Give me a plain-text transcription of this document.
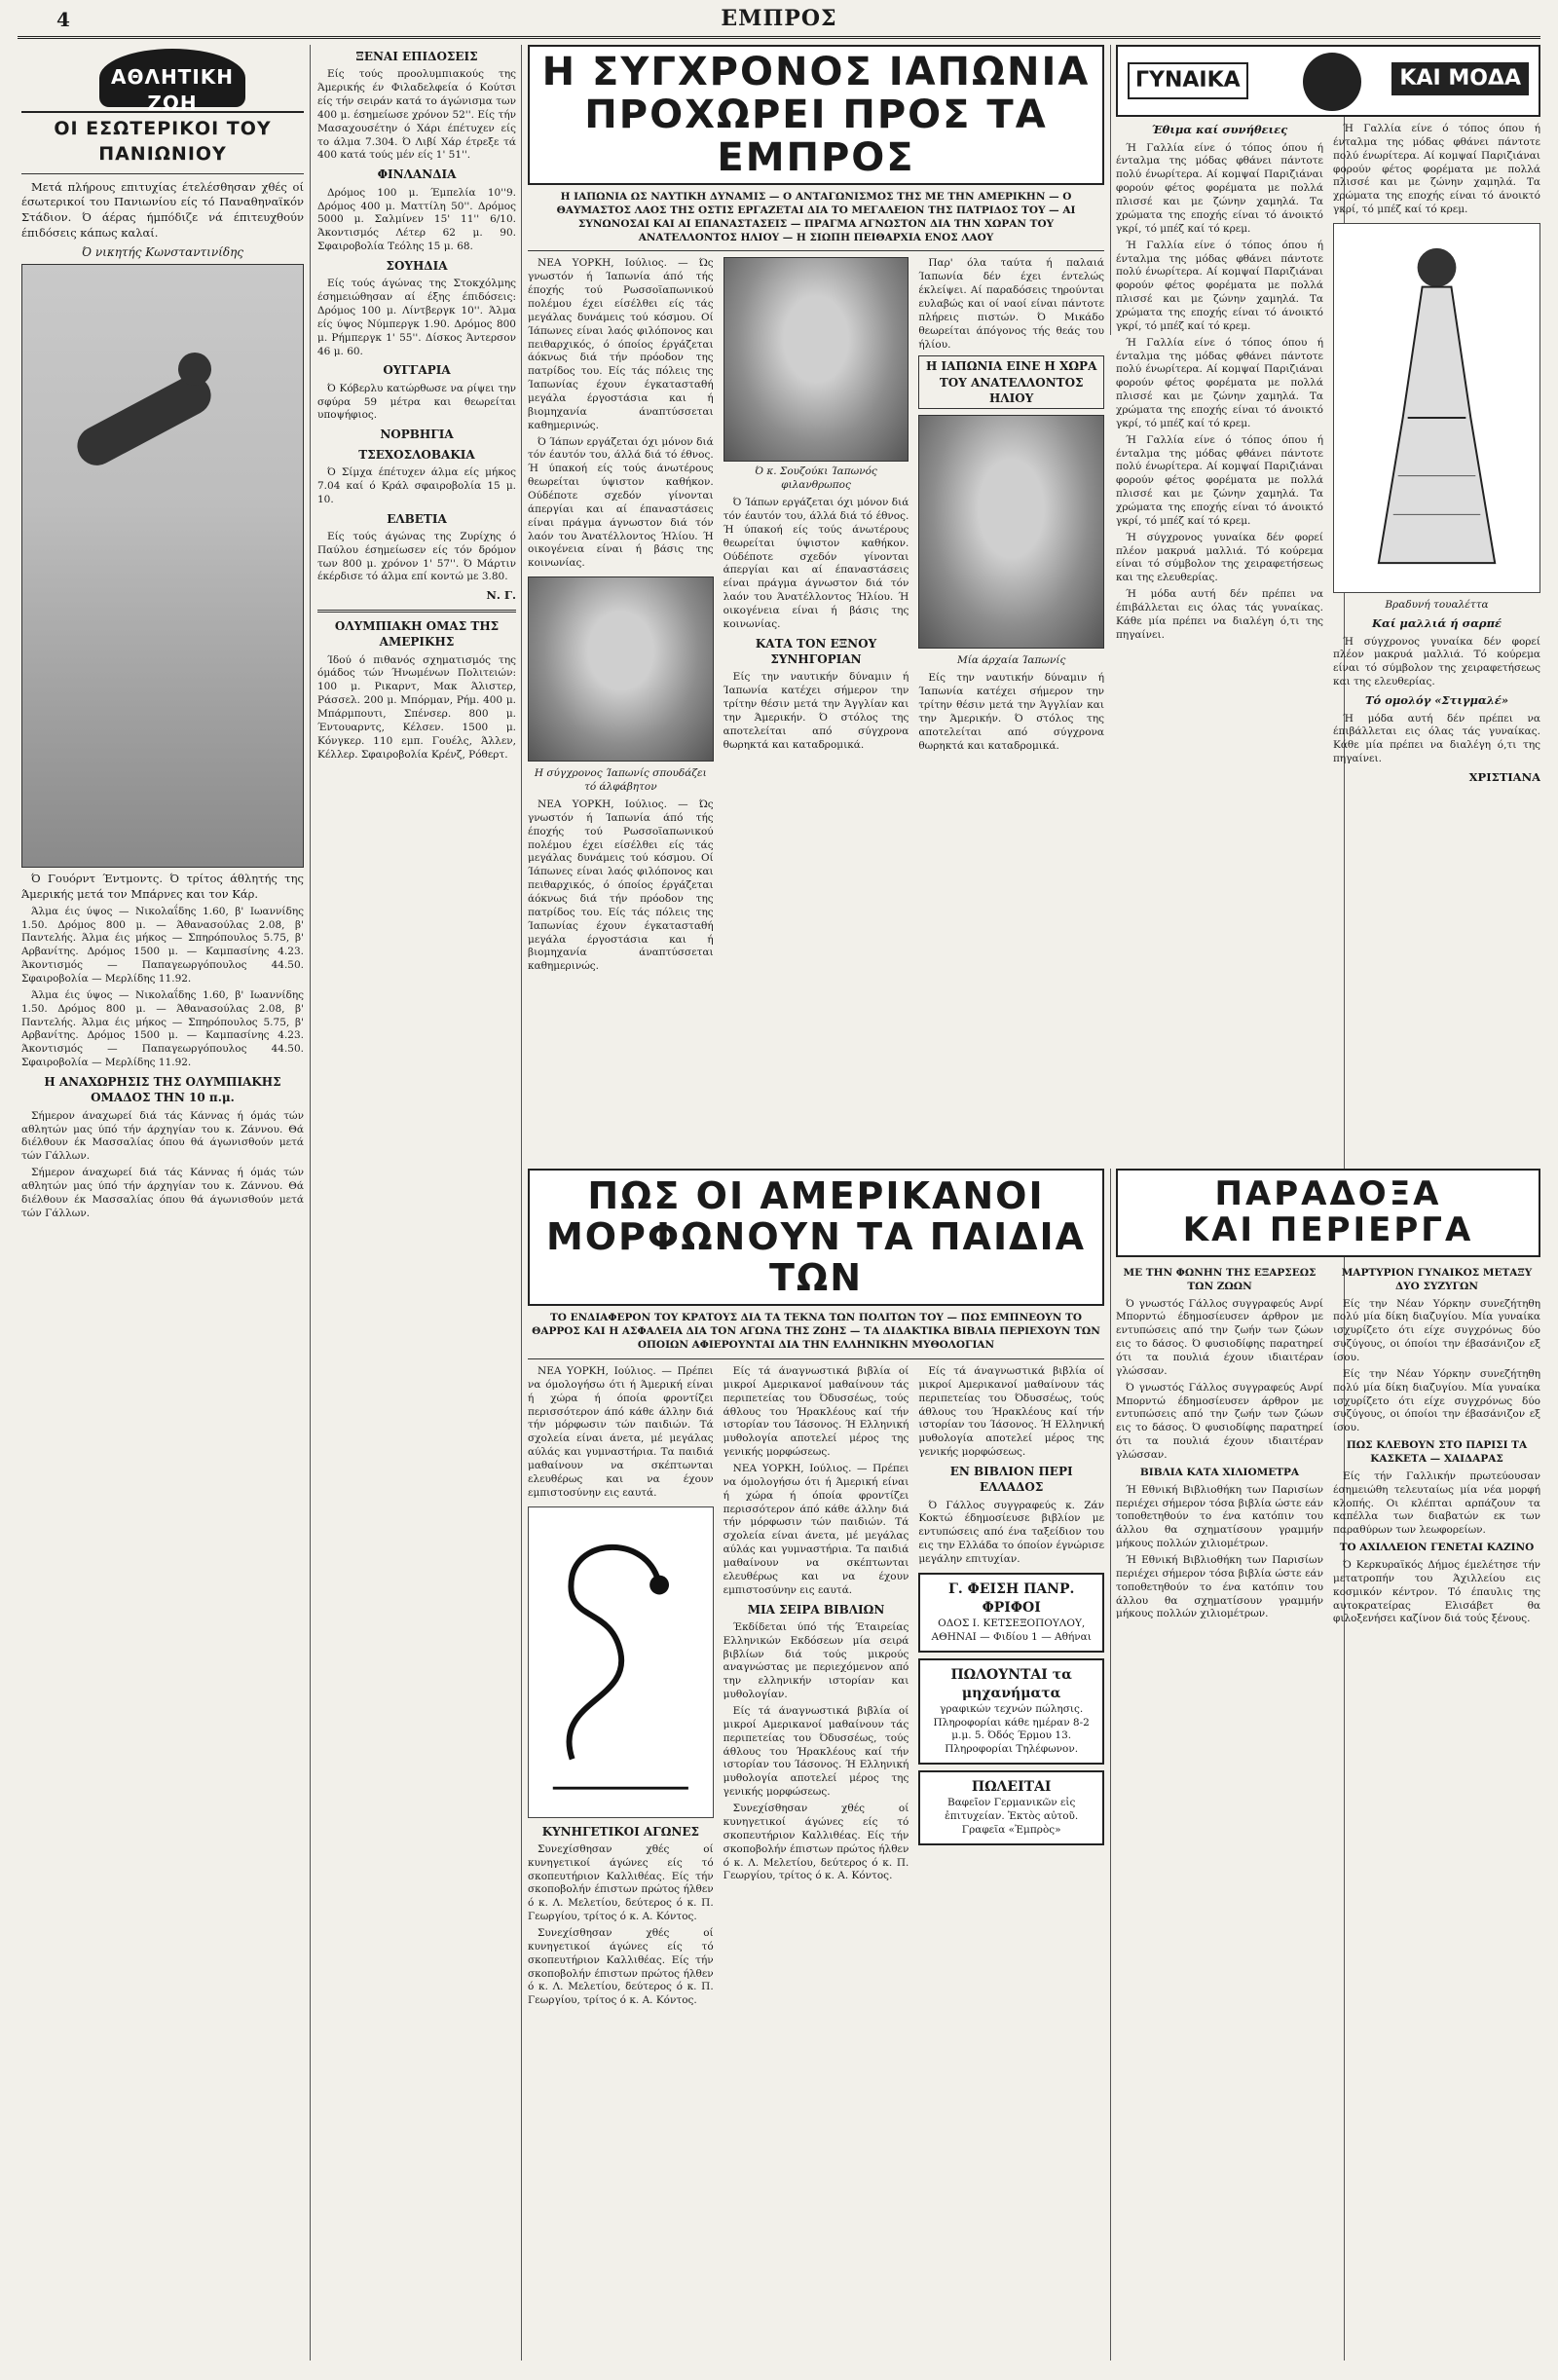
4	ΕΜΠΡΟΣ
ΑΘΛΗΤΙΚΗ ΖΩΗ
ΟΙ ΕΣΩΤΕΡΙΚΟΙ ΤΟΥ ΠΑΝΙΩΝΙΟΥ

Μετά πλήρους επιτυχίας έτελέσθησαν χθές οί έσωτερικοί του Πανιωνίου είς τό Παναθηναϊκόν Στάδιον. Ό άέρας ήμπόδιζε νά έπιτευχθούν έπιδόσεις κάπως καλαί.

Ό νικητής Κωνσταντινίδης

Ό Γουόρντ Έντμοντς. Ό τρίτος άθλητής της Άμερικής μετά τον Μπάρνες και τον Κάρ.

Άλμα έις ύψος — Νικολαΐδης 1.60, β' Ιωαννίδης 1.50. Δρόμος 800 μ. — Άθανασούλας 2.08, β' Παντελής. Άλμα έις μήκος — Σπηρόπουλος 5.75, β' Αρβανίτης. Δρόμος 1500 μ. — Καμπασίνης 4.23. Άκοντισμός — Παπαγεωργόπουλος 44.50. Σφαιροβολία — Μερλίδης 11.92.

Άλμα έις ύψος — Νικολαΐδης 1.60, β' Ιωαννίδης 1.50. Δρόμος 800 μ. — Άθανασούλας 2.08, β' Παντελής. Άλμα έις μήκος — Σπηρόπουλος 5.75, β' Αρβανίτης. Δρόμος 1500 μ. — Καμπασίνης 4.23. Άκοντισμός — Παπαγεωργόπουλος 44.50. Σφαιροβολία — Μερλίδης 11.92.

Η ΑΝΑΧΩΡΗΣΙΣ ΤΗΣ ΟΛΥΜΠΙΑΚΗΣ ΟΜΑΔΟΣ ΤΗΝ 10 π.μ.

Σήμερον άναχωρεί διά τάς Κάννας ή όμάς τών αθλητών μας ύπό τήν άρχηγίαν του κ. Ζάννου. Θά διέλθουν έκ Μασσαλίας όπου θά άγωνισθούν μετά τών Γάλλων.

Σήμερον άναχωρεί διά τάς Κάννας ή όμάς τών αθλητών μας ύπό τήν άρχηγίαν του κ. Ζάννου. Θά διέλθουν έκ Μασσαλίας όπου θά άγωνισθούν μετά τών Γάλλων.

ΞΕΝΑΙ ΕΠΙΔΟΣΕΙΣ

Είς τούς προολυμπιακούς της Άμερικής έν Φιλαδελφεία ό Κούτσι είς τήν σειράν κατά το άγώνισμα των 400 μ. έσημείωσε χρόνον 52''. Είς τήν Μασαχουσέτην ό Χάρι έπέτυχεν είς το άλμα 7.304. Ό Λιβί Χάρ έτρεξε τά 400 κατά τούς μέν είς 1' 51''.

ΦΙΝΛΑΝΔΙΑ

Δρόμος 100 μ. Έμπελία 10''9. Δρόμος 400 μ. Ματτίλη 50''. Δρόμος 5000 μ. Σαλμίνεν 15' 11'' 6/10. Άκοντισμός Λέτερ 62 μ. 90. Σφαιροβολία Τεόλης 15 μ. 68.

ΣΟΥΗΔΙΑ

Είς τούς άγώνας της Στοκχόλμης έσημειώθησαν αί έξης έπιδόσεις: Δρόμος 100 μ. Λίντβεργκ 10''. Άλμα είς ύψος Νύμπεργκ 1.90. Δρόμος 800 μ. Ρήμπεργκ 1' 55''. Δίσκος Άντερσον 46 μ. 60.

ΟΥΓΓΑΡΙΑ

Ό Κόβερλυ κατώρθωσε να ρίψει την σφύρα 59 μέτρα και θεωρείται υποψήφιος.

ΝΟΡΒΗΓΙΑ
ΤΣΕΧΟΣΛΟΒΑΚΙΑ

Ό Σίμχα έπέτυχεν άλμα είς μήκος 7.04 καί ό Κράλ σφαιροβολία 15 μ. 10.

ΕΛΒΕΤΙΑ

Είς τούς άγώνας της Ζυρίχης ό Παύλου έσημείωσεν είς τόν δρόμον των 800 μ. χρόνον 1' 57''. Ό Μάρτιν έκέρδισε τό άλμα επί κοντώ με 3.80.

Ν. Γ.
ΟΛΥΜΠΙΑΚΗ ΟΜΑΣ ΤΗΣ ΑΜΕΡΙΚΗΣ

Ίδού ό πιθανός σχηματισμός της όμάδος τών Ήνωμένων Πολιτειών: 100 μ. Ρικαρντ, Μακ Άλιστερ, Ράσσελ. 200 μ. Μπόρμαν, Ρήμ. 400 μ. Μπάρμπουτι, Σπένσερ. 800 μ. Έντουαρντς, Κέλσεν. 1500 μ. Κόνγκερ. 110 εμπ. Γουέλς, Άλλεν, Κέλλερ. Σφαιροβολία Κρένζ, Ρόθερτ.

Η ΣΥΓΧΡΟΝΟΣ ΙΑΠΩΝΙΑ
ΠΡΟΧΩΡΕΙ ΠΡΟΣ ΤΑ ΕΜΠΡΟΣ
Η ΙΑΠΩΝΙΑ ΩΣ ΝΑΥΤΙΚΗ ΔΥΝΑΜΙΣ — Ο ΑΝΤΑΓΩΝΙΣΜΟΣ ΤΗΣ ΜΕ ΤΗΝ ΑΜΕΡΙΚΗΝ — Ο ΘΑΥΜΑΣΤΟΣ ΛΑΟΣ ΤΗΣ ΟΣΤΙΣ ΕΡΓΑΖΕΤΑΙ ΔΙΑ ΤΟ ΜΕΓΑΛΕΙΟΝ ΤΗΣ ΠΑΤΡΙΔΟΣ ΤΟΥ — ΑΙ ΣΥΝΩΝΟΣΑΙ ΚΑΙ ΑΙ ΕΠΑΝΑΣΤΑΣΕΙΣ — ΠΡΑΓΜΑ ΑΓΝΩΣΤΟΝ ΔΙΑ ΤΗΝ ΧΩΡΑΝ ΤΟΥ ΑΝΑΤΕΛΛΟΝΤΟΣ ΗΛΙΟΥ — Η ΣΙΩΠΗ ΠΕΙΘΑΡΧΙΑ ΕΝΟΣ ΛΑΟΥ

ΝΕΑ ΥΟΡΚΗ, Ιούλιος. — Ώς γνωστόν ή Ίαπωνία άπό τής έποχής τού Ρωσσοϊαπωνικού πολέμου έχει είσέλθει είς τάς μεγάλας δυνάμεις τού κόσμου. Οί Ίάπωνες είναι λαός φιλόπονος και πειθαρχικός, ό όποίος έργάζεται άόκνως διά τήν πρόοδον της πατρίδος του. Είς τάς πόλεις της Ίαπωνίας έχουν έγκατασταθή μεγάλα έργοστάσια και ή βιομηχανία άναπτύσσεται καθημερινώς.

Ό Ίάπων εργάζεται όχι μόνον διά τόν έαυτόν του, άλλά διά τό έθνος. Ή ύπακοή είς τούς άνωτέρους θεωρείται ύψιστον καθήκον. Ούδέποτε σχεδόν γίνονται άπεργίαι και αί έπαναστάσεις είναι πράγμα άγνωστον διά τόν λαόν του Άνατέλλοντος Ήλίου. Ή οικογένεια είναι ή βάσις της κοινωνίας.

Η σύγχρονος Ίαπωνίς σπουδάζει τό άλφάβητον

ΝΕΑ ΥΟΡΚΗ, Ιούλιος. — Ώς γνωστόν ή Ίαπωνία άπό τής έποχής τού Ρωσσοϊαπωνικού πολέμου έχει είσέλθει είς τάς μεγάλας δυνάμεις τού κόσμου. Οί Ίάπωνες είναι λαός φιλόπονος και πειθαρχικός, ό όποίος έργάζεται άόκνως διά τήν πρόοδον της πατρίδος του. Είς τάς πόλεις της Ίαπωνίας έχουν έγκατασταθή μεγάλα έργοστάσια και ή βιομηχανία άναπτύσσεται καθημερινώς.

Ό κ. Σουζούκι Ίαπωνός φιλανθρωπος

Ό Ίάπων εργάζεται όχι μόνον διά τόν έαυτόν του, άλλά διά τό έθνος. Ή ύπακοή είς τούς άνωτέρους θεωρείται ύψιστον καθήκον. Ούδέποτε σχεδόν γίνονται άπεργίαι και αί έπαναστάσεις είναι πράγμα άγνωστον διά τόν λαόν του Άνατέλλοντος Ήλίου. Ή οικογένεια είναι ή βάσις της κοινωνίας.

ΚΑΤΑ ΤΟΝ ΕΞΝΟΥ ΣΥΝΗΓΟΡΙΑΝ

Είς την ναυτικήν δύναμιν ή Ίαπωνία κατέχει σήμερον την τρίτην θέσιν μετά την Άγγλίαν και την Άμερικήν. Ό στόλος της αποτελείται από σύγχρονα θωρηκτά και καταδρομικά.

Παρ' όλα ταύτα ή παλαιά Ίαπωνία δέν έχει έντελώς έκλείψει. Αί παραδόσεις τηρούνται ευλαβώς και οί ναοί είναι πάντοτε πλήρεις πιστών. Ό Μικάδο θεωρείται άπόγονος τής θεάς του ήλίου.

Η ΙΑΠΩΝΙΑ ΕΙΝΕ Η ΧΩΡΑ ΤΟΥ ΑΝΑΤΕΛΛΟΝΤΟΣ ΗΛΙΟΥ
Μία άρχαία Ίαπωνίς

Είς την ναυτικήν δύναμιν ή Ίαπωνία κατέχει σήμερον την τρίτην θέσιν μετά την Άγγλίαν και την Άμερικήν. Ό στόλος της αποτελείται από σύγχρονα θωρηκτά και καταδρομικά.

ΠΩΣ ΟΙ ΑΜΕΡΙΚΑΝΟΙ
ΜΟΡΦΩΝΟΥΝ ΤΑ ΠΑΙΔΙΑ ΤΩΝ
ΤΟ ΕΝΔΙΑΦΕΡΟΝ ΤΟΥ ΚΡΑΤΟΥΣ ΔΙΑ ΤΑ ΤΕΚΝΑ ΤΩΝ ΠΟΛΙΤΩΝ ΤΟΥ — ΠΩΣ ΕΜΠΝΕΟΥΝ ΤΟ ΘΑΡΡΟΣ ΚΑΙ Η ΑΣΦΑΛΕΙΑ ΔΙΑ ΤΟΝ ΑΓΩΝΑ ΤΗΣ ΖΩΗΣ — ΤΑ ΔΙΔΑΚΤΙΚΑ ΒΙΒΛΙΑ ΠΕΡΙΕΧΟΥΝ ΤΩΝ ΟΠΟΙΩΝ ΑΦΙΕΡΟΥΝΤΑΙ ΔΙΑ ΤΗΝ ΕΛΛΗΝΙΚΗΝ ΜΥΘΟΛΟΓΙΑΝ

ΝΕΑ ΥΟΡΚΗ, Ιούλιος. — Πρέπει να όμολογήσω ότι ή Άμερική είναι ή χώρα ή όποία φροντίζει περισσότερον άπό κάθε άλλην διά τήν μόρφωσιν τών παιδιών. Τά σχολεία είναι άνετα, μέ μεγάλας αύλάς και γυμναστήρια. Τα παιδιά μαθαίνουν να σκέπτωνται ελευθέρως και να έχουν εμπιστοσύνην εις εαυτά.

ΚΥΝΗΓΕΤΙΚΟΙ ΑΓΩΝΕΣ

Συνεχίσθησαν χθές οί κυνηγετικοί άγώνες είς τό σκοπευτήριον Καλλιθέας. Είς τήν σκοποβολήν έπιστων πρώτος ήλθεν ό κ. Λ. Μελετίου, δεύτερος ό κ. Π. Γεωργίου, τρίτος ό κ. Α. Κόντος.

Συνεχίσθησαν χθές οί κυνηγετικοί άγώνες είς τό σκοπευτήριον Καλλιθέας. Είς τήν σκοποβολήν έπιστων πρώτος ήλθεν ό κ. Λ. Μελετίου, δεύτερος ό κ. Π. Γεωργίου, τρίτος ό κ. Α. Κόντος.

Είς τά άναγνωστικά βιβλία οί μικροί Αμερικανοί μαθαίνουν τάς περιπετείας του Όδυσσέως, τούς άθλους του Ήρακλέους καί τήν ιστορίαν του Ίάσονος. Ή Ελληνική μυθολογία αποτελεί μέρος της γενικής μορφώσεως.

ΝΕΑ ΥΟΡΚΗ, Ιούλιος. — Πρέπει να όμολογήσω ότι ή Άμερική είναι ή χώρα ή όποία φροντίζει περισσότερον άπό κάθε άλλην διά τήν μόρφωσιν τών παιδιών. Τά σχολεία είναι άνετα, μέ μεγάλας αύλάς και γυμναστήρια. Τα παιδιά μαθαίνουν να σκέπτωνται ελευθέρως και να έχουν εμπιστοσύνην εις εαυτά.

ΜΙΑ ΣΕΙΡΑ ΒΙΒΛΙΩΝ

Έκδίδεται ύπό τής Έταιρείας Ελληνικών Εκδόσεων μία σειρά βιβλίων διά τούς μικρούς αναγνώστας με περιεχόμενον από την ελληνικήν ιστορίαν και μυθολογίαν.

Είς τά άναγνωστικά βιβλία οί μικροί Αμερικανοί μαθαίνουν τάς περιπετείας του Όδυσσέως, τούς άθλους του Ήρακλέους καί τήν ιστορίαν του Ίάσονος. Ή Ελληνική μυθολογία αποτελεί μέρος της γενικής μορφώσεως.

Συνεχίσθησαν χθές οί κυνηγετικοί άγώνες είς τό σκοπευτήριον Καλλιθέας. Είς τήν σκοποβολήν έπιστων πρώτος ήλθεν ό κ. Λ. Μελετίου, δεύτερος ό κ. Π. Γεωργίου, τρίτος ό κ. Α. Κόντος.

Είς τά άναγνωστικά βιβλία οί μικροί Αμερικανοί μαθαίνουν τάς περιπετείας του Όδυσσέως, τούς άθλους του Ήρακλέους καί τήν ιστορίαν του Ίάσονος. Ή Ελληνική μυθολογία αποτελεί μέρος της γενικής μορφώσεως.

ΕΝ ΒΙΒΛΙΟΝ ΠΕΡΙ ΕΛΛΑΔΟΣ

Ό Γάλλος συγγραφεύς κ. Ζάν Κοκτώ έδημοσίευσε βιβλίον με εντυπώσεις από ένα ταξείδιον του εις την Ελλάδα το όποίον έγνώρισε μεγάλην επιτυχίαν.

Γ. ΦΕΙΣΗ ΠΑΝΡ. ΦΡΙΦΟΙ
ΟΔΟΣ Ι. ΚΕΤΣΕΞΟΠΟΥΛΟΥ, ΑΘΗΝΑΙ — Φιδίου 1 — Αθήναι
ΠΩΛΟΥΝΤΑΙ τα μηχανήματα
γραφικών τεχνών πώλησις. Πληροφορίαι κάθε ημέραν 8-2 μ.μ. 5. Όδός Έρμου 13. Πληροφορίαι Τηλέφωνον.
ΠΩΛΕΙΤΑΙ
Βαφεῖον Γερμανικῶν εἰς ἐπιτυχείαν. Ἐκτὸς αὐτοῦ. Γραφεῖα «Ἐμπρὸς»
ΓΥΝΑΙΚΑ	ΚΑΙ ΜΟΔΑ
Έθιμα καί συνήθειες

Ή Γαλλία είνε ό τόπος όπου ή ένταλμα της μόδας φθάνει πάντοτε πολύ ένωρίτερα. Αί κομψαί Παριζιάναι φορούν φέτος φορέματα με πολλά πλισσέ και με ζώνην χαμηλά. Τα χρώματα της εποχής είναι τό άνοικτό γκρί, τό μπέζ καί τό κρεμ.

Ή Γαλλία είνε ό τόπος όπου ή ένταλμα της μόδας φθάνει πάντοτε πολύ ένωρίτερα. Αί κομψαί Παριζιάναι φορούν φέτος φορέματα με πολλά πλισσέ και με ζώνην χαμηλά. Τα χρώματα της εποχής είναι τό άνοικτό γκρί, τό μπέζ καί τό κρεμ.

Ή Γαλλία είνε ό τόπος όπου ή ένταλμα της μόδας φθάνει πάντοτε πολύ ένωρίτερα. Αί κομψαί Παριζιάναι φορούν φέτος φορέματα με πολλά πλισσέ και με ζώνην χαμηλά. Τα χρώματα της εποχής είναι τό άνοικτό γκρί, τό μπέζ καί τό κρεμ.

Ή Γαλλία είνε ό τόπος όπου ή ένταλμα της μόδας φθάνει πάντοτε πολύ ένωρίτερα. Αί κομψαί Παριζιάναι φορούν φέτος φορέματα με πολλά πλισσέ και με ζώνην χαμηλά. Τα χρώματα της εποχής είναι τό άνοικτό γκρί, τό μπέζ καί τό κρεμ.

Ή σύγχρονος γυναίκα δέν φορεί πλέον μακρυά μαλλιά. Τό κούρεμα είναι τό σύμβολον της χειραφετήσεως και της ελευθερίας.

Ή μόδα αυτή δέν πρέπει να έπιβάλλεται εις όλας τάς γυναίκας. Κάθε μία πρέπει να διαλέγη ό,τι της πηγαίνει.

Ή Γαλλία είνε ό τόπος όπου ή ένταλμα της μόδας φθάνει πάντοτε πολύ ένωρίτερα. Αί κομψαί Παριζιάναι φορούν φέτος φορέματα με πολλά πλισσέ και με ζώνην χαμηλά. Τα χρώματα της εποχής είναι τό άνοικτό γκρί, τό μπέζ καί τό κρεμ.

Βραδυνή τουαλέττα
Καί μαλλιά ή σαρπέ

Ή σύγχρονος γυναίκα δέν φορεί πλέον μακρυά μαλλιά. Τό κούρεμα είναι τό σύμβολον της χειραφετήσεως και της ελευθερίας.

Τό ομολόγ «Στιγμαλέ»

Ή μόδα αυτή δέν πρέπει να έπιβάλλεται εις όλας τάς γυναίκας. Κάθε μία πρέπει να διαλέγη ό,τι της πηγαίνει.

ΧΡΙΣΤΙΑΝΑ
ΠΑΡΑΔΟΞΑ
ΚΑΙ ΠΕΡΙΕΡΓΑ
ΜΕ ΤΗΝ ΦΩΝΗΝ ΤΗΣ ΕΞΑΡΣΕΩΣ ΤΩΝ ΖΩΩΝ

Ό γνωστός Γάλλος συγγραφεύς Ανρί Μπορντώ έδημοσίευσεν άρθρον με εντυπώσεις από την ζωήν των ζώων εις το δάσος. Ό φυσιοδίφης παρατηρεί ότι τα πουλιά έχουν ιδιαιτέραν γλώσσαν.

Ό γνωστός Γάλλος συγγραφεύς Ανρί Μπορντώ έδημοσίευσεν άρθρον με εντυπώσεις από την ζωήν των ζώων εις το δάσος. Ό φυσιοδίφης παρατηρεί ότι τα πουλιά έχουν ιδιαιτέραν γλώσσαν.

ΒΙΒΛΙΑ ΚΑΤΑ ΧΙΛΙΟΜΕΤΡΑ

Ή Εθνική Βιβλιοθήκη των Παρισίων περιέχει σήμερον τόσα βιβλία ώστε εάν τοποθετηθούν το ένα κατόπιν του άλλου θα σχηματίσουν γραμμήν μήκους πολλών χιλιομέτρων.

Ή Εθνική Βιβλιοθήκη των Παρισίων περιέχει σήμερον τόσα βιβλία ώστε εάν τοποθετηθούν το ένα κατόπιν του άλλου θα σχηματίσουν γραμμήν μήκους πολλών χιλιομέτρων.

ΜΑΡΤΥΡΙΟΝ ΓΥΝΑΙΚΟΣ ΜΕΤΑΞΥ ΔΥΟ ΣΥΖΥΓΩΝ

Είς την Νέαν Υόρκην συνεζήτηθη πολύ μία δίκη διαζυγίου. Μία γυναίκα ισχυρίζετο ότι είχε συγχρόνως δύο συζύγους, οι όποίοι την έβασάνιζον εξ ίσου.

Είς την Νέαν Υόρκην συνεζήτηθη πολύ μία δίκη διαζυγίου. Μία γυναίκα ισχυρίζετο ότι είχε συγχρόνως δύο συζύγους, οι όποίοι την έβασάνιζον εξ ίσου.

ΠΩΣ ΚΛΕΒΟΥΝ ΣΤΟ ΠΑΡΙΣΙ ΤΑ ΚΑΣΚΕΤΑ — ΧΑΙΔΑΡΑΣ

Είς τήν Γαλλικήν πρωτεύουσαν έσημειώθη τελευταίως μία νέα μορφή κλοπής. Οι κλέπται αρπάζουν τα καπέλλα των διαβατών εκ των παραθύρων των λεωφορείων.

ΤΟ ΑΧΙΛΛΕΙΟΝ ΓΕΝΕΤΑΙ ΚΑΖΙΝΟ

Ό Κερκυραϊκός Δήμος έμελέτησε τήν μετατροπήν του Άχιλλείου εις κοσμικόν κέντρον. Τό έπαυλις της αυτοκρατείρας Ελισάβετ θα φιλοξενήσει καζίνον διά τούς ξένους.
